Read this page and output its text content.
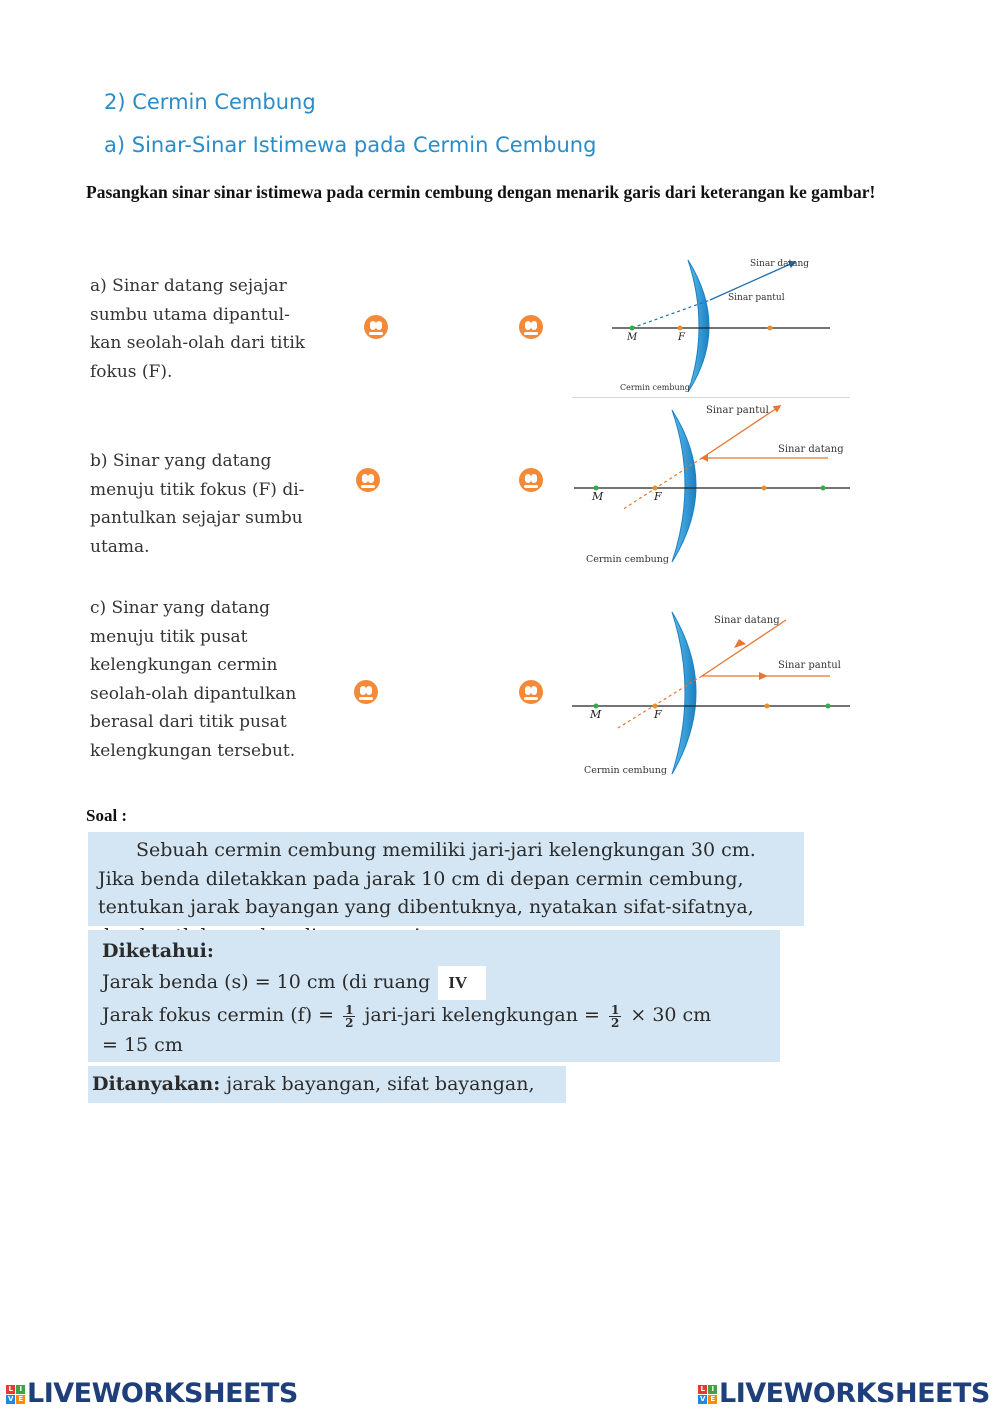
2) Cermin Cembung
a) Sinar-Sinar Istimewa pada Cermin Cembung
Pasangkan sinar sinar istimewa pada cermin cembung dengan menarik garis dari keterangan ke gambar!
a) Sinar datang sejajar
sumbu utama dipantul-
kan seolah-olah dari titik
fokus (F).
b) Sinar yang datang
menuju titik fokus (F) di-
pantulkan sejajar sumbu
utama.
c) Sinar yang datang
menuju titik pusat
kelengkungan cermin
seolah-olah dipantulkan
berasal dari titik pusat
kelengkungan tersebut.
Sinar datang
Sinar pantul
M	F
Cermin cembung
Sinar pantul
Sinar datang
M	F
Cermin cembung
Sinar datang
Sinar pantul
M	F
Cermin cembung
Soal :
Sebuah cermin cembung memiliki jari-jari kelengkungan 30 cm.
Jika benda diletakkan pada jarak 10 cm di depan cermin cembung,
tentukan jarak bayangan yang dibentuknya, nyatakan sifat-sifatnya,
Diketahui:
Jarak benda (s) = 10 cm (di ruang IV
Jarak fokus cermin $(f) = \frac{1}{2}$ jari-jari kelengkungan = $\frac{1}{2} \times 30$ cm
= 15 cm
Ditanyakan: jarak bayangan, sifat bayangan,
L I
V E LIVEWORKSHEETS	L I
V E LIVEWORKSHEETS
